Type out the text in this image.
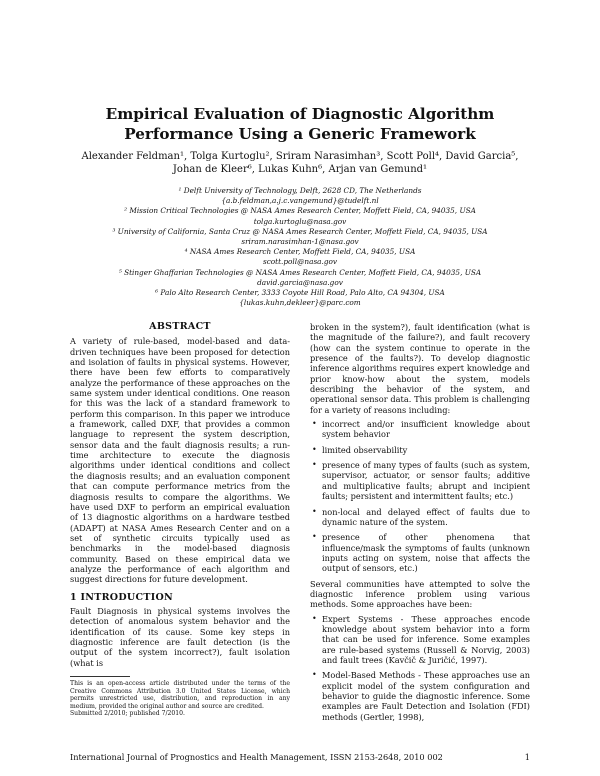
Empirical Evaluation of Diagnostic Algorithm
Performance Using a Generic Framework
Alexander Feldman¹, Tolga Kurtoglu², Sriram Narasimhan³, Scott Poll⁴, David Garcia⁵,
Johan de Kleer⁶, Lukas Kuhn⁶, Arjan van Gemund¹

¹ Delft University of Technology, Delft, 2628 CD, The Netherlands

{a.b.feldman,a.j.c.vangemund}@tudelft.nl

² Mission Critical Technologies @ NASA Ames Research Center, Moffett Field, CA, 94035, USA

tolga.kurtoglu@nasa.gov

³ University of California, Santa Cruz @ NASA Ames Research Center, Moffett Field, CA, 94035, USA

sriram.narasimhan-1@nasa.gov

⁴ NASA Ames Research Center, Moffett Field, CA, 94035, USA

scott.poll@nasa.gov

⁵ Stinger Ghaffarian Technologies @ NASA Ames Research Center, Moffett Field, CA, 94035, USA

david.garcia@nasa.gov

⁶ Palo Alto Research Center, 3333 Coyote Hill Road, Palo Alto, CA 94304, USA

{lukas.kuhn,dekleer}@parc.com

ABSTRACT

A variety of rule-based, model-based and data-driven techniques have been proposed for detection and isolation of faults in physical systems. However, there have been few efforts to comparatively analyze the performance of these approaches on the same system under identical conditions. One reason for this was the lack of a standard framework to perform this comparison. In this paper we introduce a framework, called DXF, that provides a common language to represent the system description, sensor data and the fault diagnosis results; a run-time architecture to execute the diagnosis algorithms under identical conditions and collect the diagnosis results; and an evaluation component that can compute performance metrics from the diagnosis results to compare the algorithms. We have used DXF to perform an empirical evaluation of 13 diagnostic algorithms on a hardware testbed (ADAPT) at NASA Ames Research Center and on a set of synthetic circuits typically used as benchmarks in the model-based diagnosis community. Based on these empirical data we analyze the performance of each algorithm and suggest directions for future development.

1 INTRODUCTION

Fault Diagnosis in physical systems involves the detection of anomalous system behavior and the identification of its cause. Some key steps in diagnostic inference are fault detection (is the output of the system incorrect?), fault isolation (what is

This is an open-access article distributed under the terms of the Creative Commons Attribution 3.0 United States License, which permits unrestricted use, distribution, and reproduction in any medium, provided the original author and source are credited.

Submitted 2/2010; published 7/2010.

broken in the system?), fault identification (what is the magnitude of the failure?), and fault recovery (how can the system continue to operate in the presence of the faults?). To develop diagnostic inference algorithms requires expert knowledge and prior know-how about the system, models describing the behavior of the system, and operational sensor data. This problem is challenging for a variety of reasons including:

• incorrect and/or insufficient knowledge about system behavior
• limited observability
• presence of many types of faults (such as system, supervisor, actuator, or sensor faults; additive and multiplicative faults; abrupt and incipient faults; persistent and intermittent faults; etc.)
• non-local and delayed effect of faults due to dynamic nature of the system.
• presence of other phenomena that influence/mask the symptoms of faults (unknown inputs acting on system, noise that affects the output of sensors, etc.)

Several communities have attempted to solve the diagnostic inference problem using various methods. Some approaches have been:

• Expert Systems - These approaches encode knowledge about system behavior into a form that can be used for inference. Some examples are rule-based systems (Russell & Norvig, 2003) and fault trees (Kavčič & Juričić, 1997).
• Model-Based Methods - These approaches use an explicit model of the system configuration and behavior to guide the diagnostic inference. Some examples are Fault Detection and Isolation (FDI) methods (Gertler, 1998),
International Journal of Prognostics and Health Management, ISSN 2153-2648, 2010 002	1
